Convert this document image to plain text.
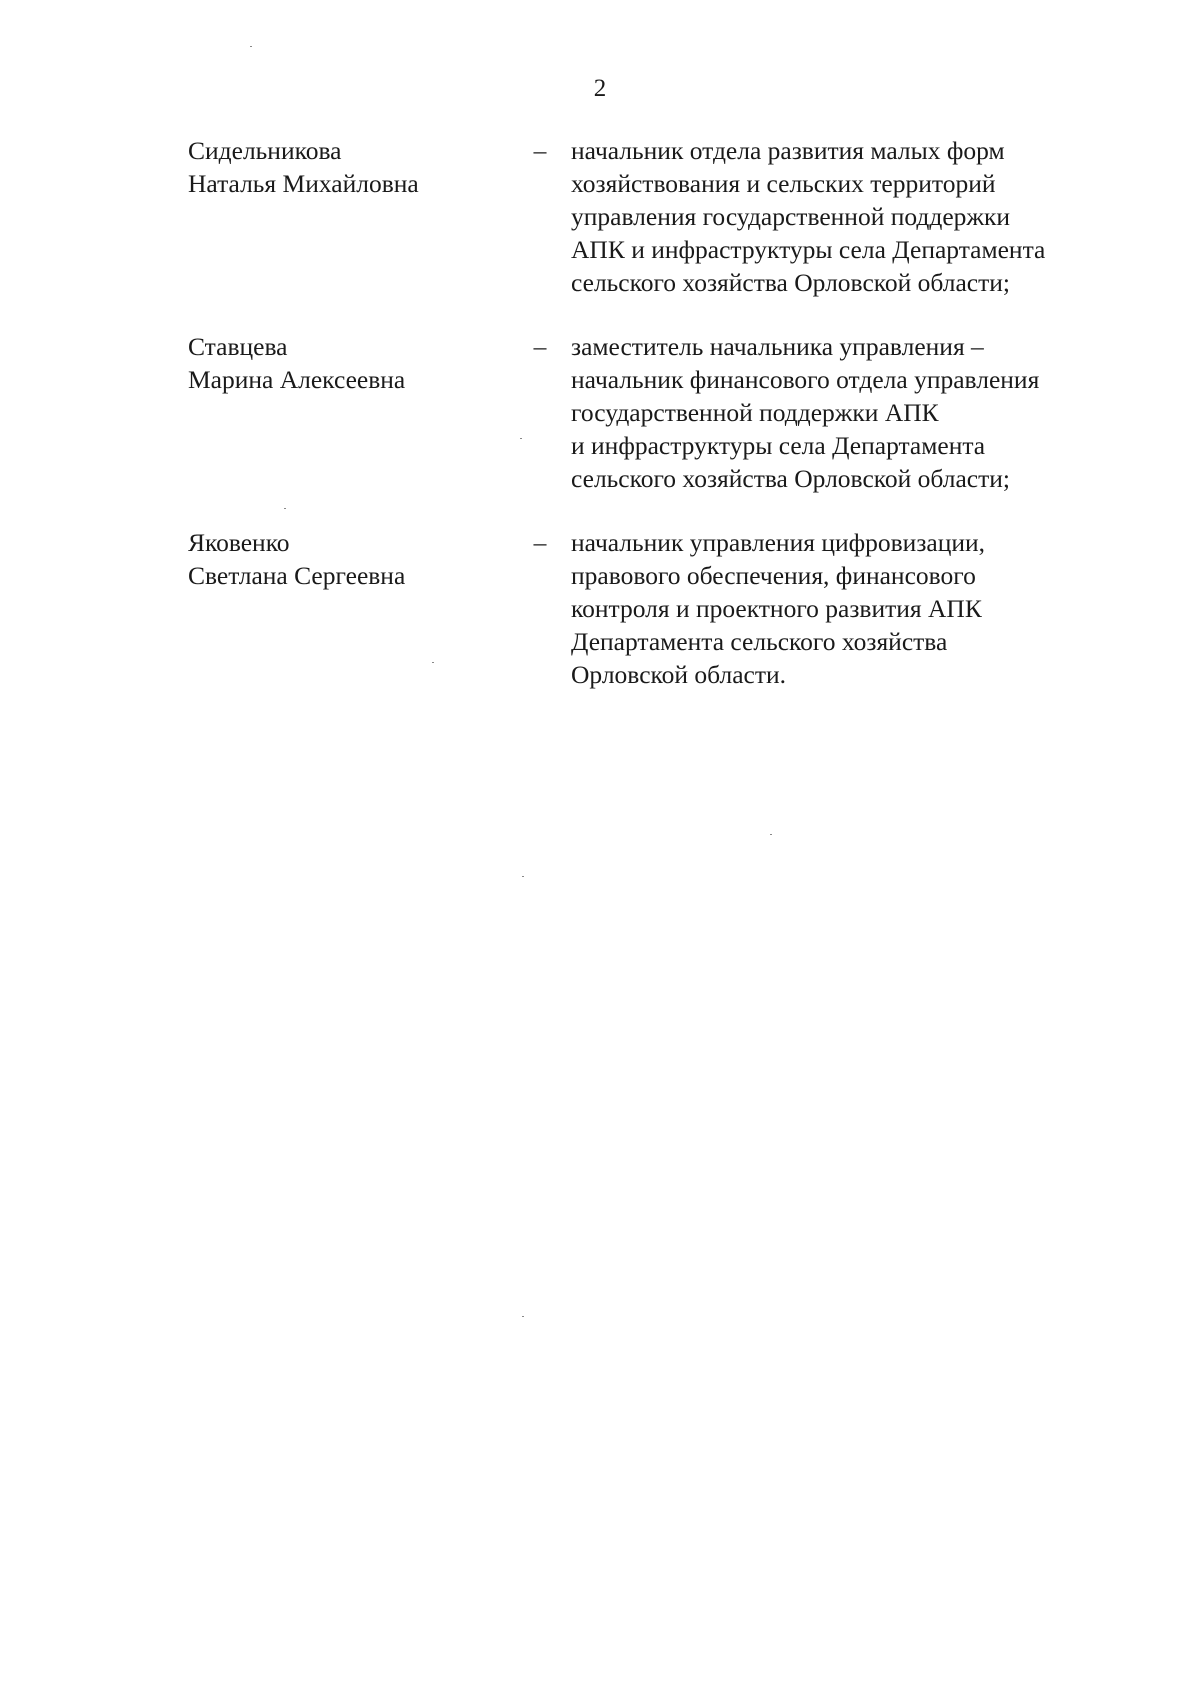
2
Сидельникова
Наталья Михайловна
– начальник отдела развития малых форм
хозяйствования и сельских территорий
управления государственной поддержки
АПК и инфраструктуры села Департамента
сельского хозяйства Орловской области;
Ставцева
Марина Алексеевна
– заместитель начальника управления –
начальник финансового отдела управления
государственной поддержки АПК
и инфраструктуры села Департамента
сельского хозяйства Орловской области;
Яковенко
Светлана Сергеевна
– начальник управления цифровизации,
правового обеспечения, финансового
контроля и проектного развития АПК
Департамента сельского хозяйства
Орловской области.
